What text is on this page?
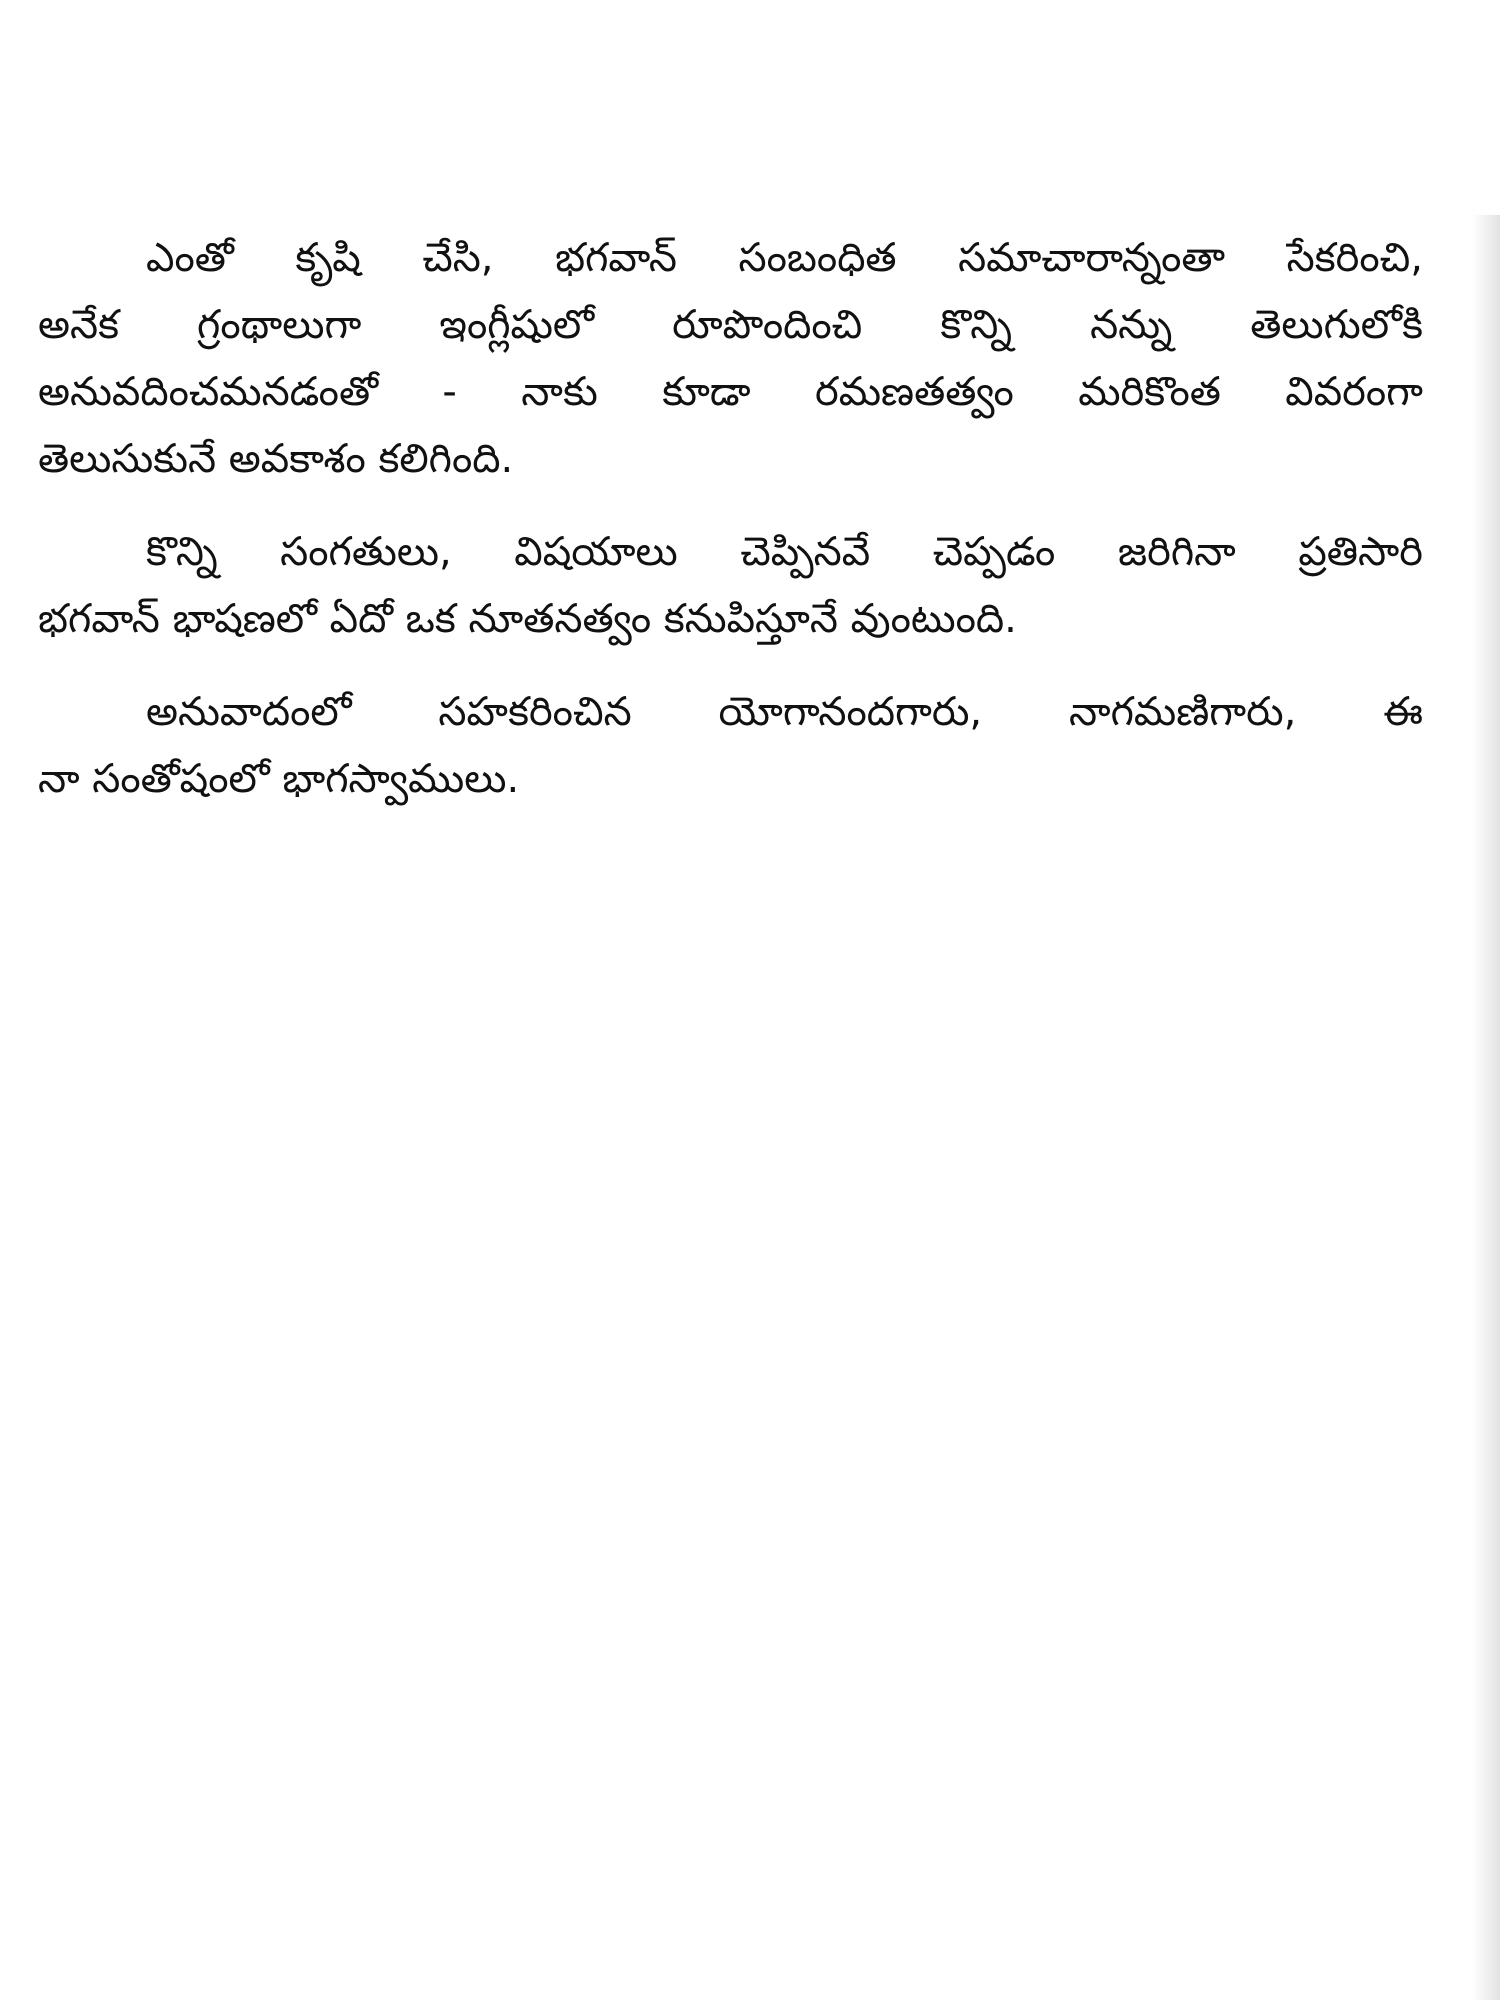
ఎంతో కృషి చేసి, భగవాన్ సంబంధిత సమాచారాన్నంతా సేకరించి,
అనేక గ్రంథాలుగా ఇంగ్లీషులో రూపొందించి కొన్ని నన్ను తెలుగులోకి
అనువదించమనడంతో - నాకు కూడా రమణతత్వం మరికొంత వివరంగా
తెలుసుకునే అవకాశం కలిగింది.
కొన్ని సంగతులు, విషయాలు చెప్పినవే చెప్పడం జరిగినా ప్రతిసారి
భగవాన్ భాషణలో ఏదో ఒక నూతనత్వం కనుపిస్తూనే వుంటుంది.
అనువాదంలో సహకరించిన యోగానందగారు, నాగమణిగారు, ఈ
నా సంతోషంలో భాగస్వాములు.
